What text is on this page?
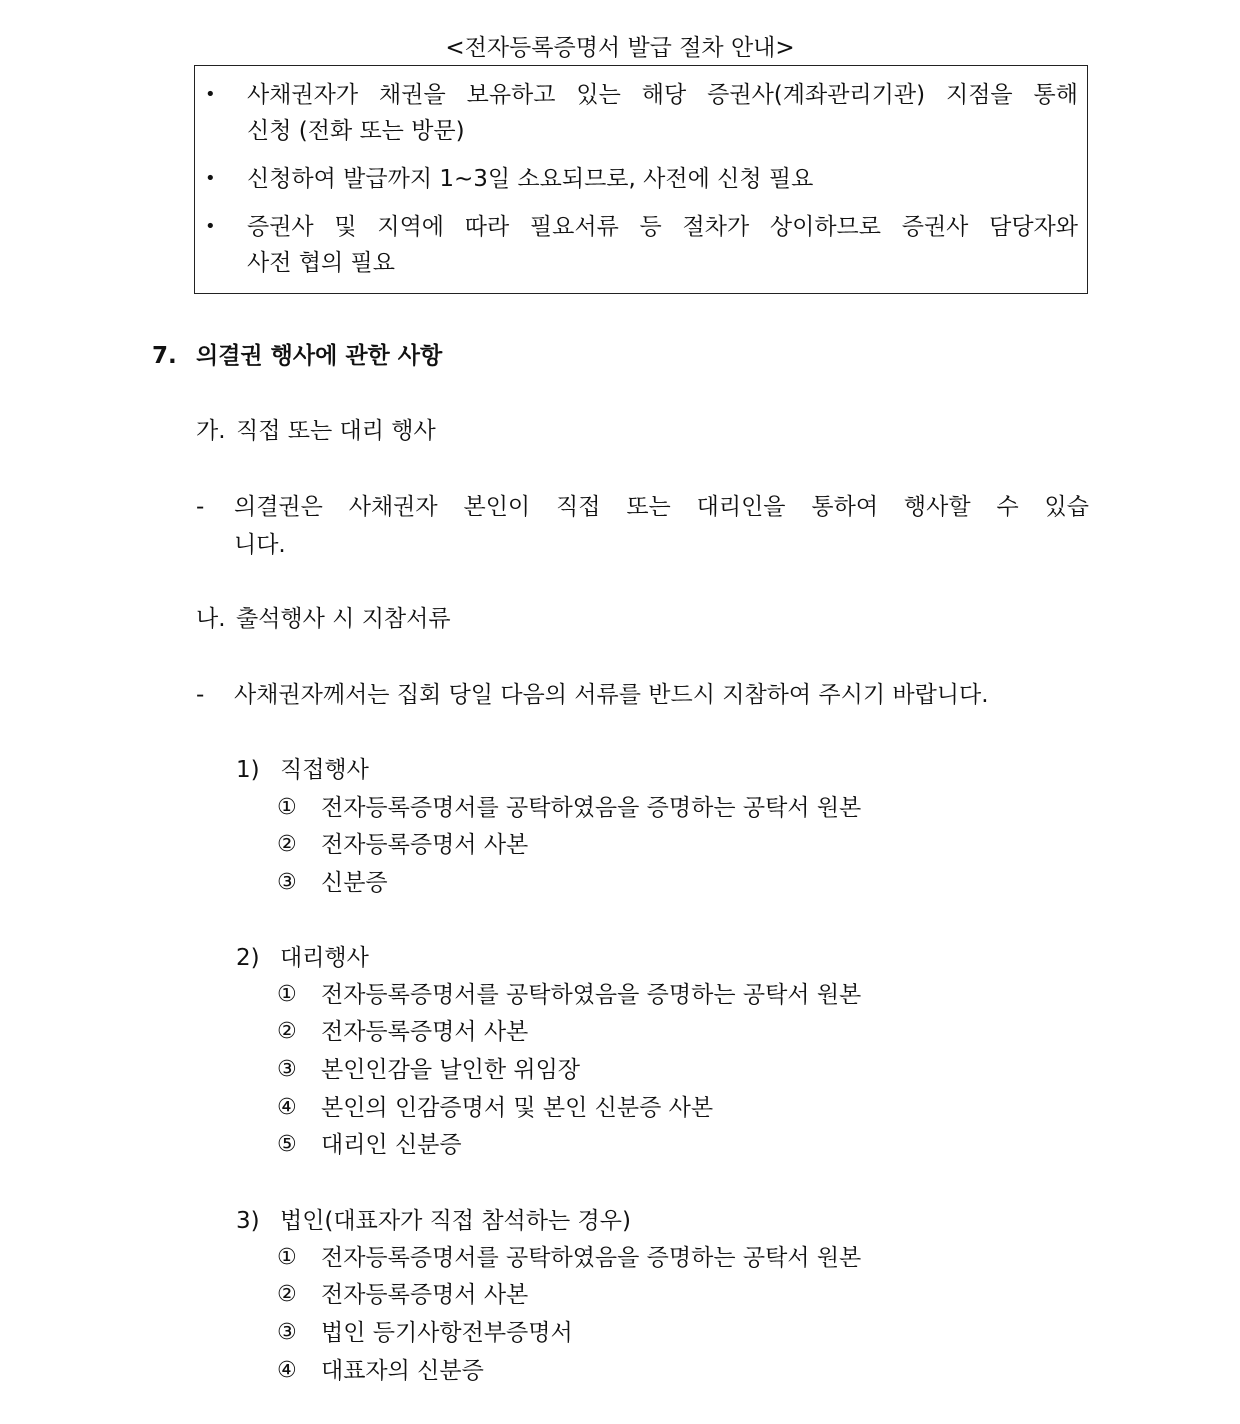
<전자등록증명서 발급 절차 안내>
• 사채권자가 채권을 보유하고 있는 해당 증권사(계좌관리기관) 지점을 통해
신청 (전화 또는 방문)
• 신청하여 발급까지 1~3일 소요되므로, 사전에 신청 필요
• 증권사 및 지역에 따라 필요서류 등 절차가 상이하므로 증권사 담당자와
사전 협의 필요
7. 의결권 행사에 관한 사항
가. 직접 또는 대리 행사
- 의결권은 사채권자 본인이 직접 또는 대리인을 통하여 행사할 수 있습
니다.
나. 출석행사 시 지참서류
- 사채권자께서는 집회 당일 다음의 서류를 반드시 지참하여 주시기 바랍니다.
1) 직접행사
① 전자등록증명서를 공탁하였음을 증명하는 공탁서 원본
② 전자등록증명서 사본
③ 신분증
2) 대리행사
① 전자등록증명서를 공탁하였음을 증명하는 공탁서 원본
② 전자등록증명서 사본
③ 본인인감을 날인한 위임장
④ 본인의 인감증명서 및 본인 신분증 사본
⑤ 대리인 신분증
3) 법인(대표자가 직접 참석하는 경우)
① 전자등록증명서를 공탁하였음을 증명하는 공탁서 원본
② 전자등록증명서 사본
③ 법인 등기사항전부증명서
④ 대표자의 신분증
